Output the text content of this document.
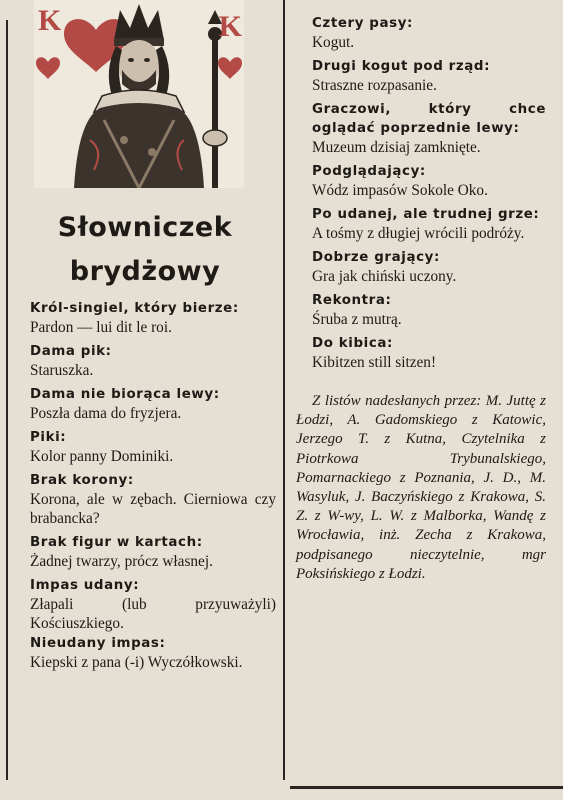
K	K
Słowniczek
brydżowy
Król-singiel, który bierze:
Pardon — lui dit le roi.
Dama pik:
Staruszka.
Dama nie biorąca lewy:
Poszła dama do fryzjera.
Piki:
Kolor panny Dominiki.
Brak korony:
Korona, ale w zębach. Cierniowa czy brabancka?
Brak figur w kartach:
Żadnej twarzy, prócz własnej.
Impas udany:
Złapali (lub przyuważyli) Kościuszkiego.
Nieudany impas:
Kiepski z pana (-i) Wyczółkowski.
Cztery pasy:
Kogut.
Drugi kogut pod rząd:
Straszne rozpasanie.
Graczowi, który chce oglądać poprzednie lewy:
Muzeum dzisiaj zamknięte.
Podglądający:
Wódz impasów Sokole Oko.
Po udanej, ale trudnej grze:
A tośmy z długiej wrócili podróży.
Dobrze grający:
Gra jak chiński uczony.
Rekontra:
Śruba z mutrą.
Do kibica:
Kibitzen still sitzen!
Z listów nadesłanych przez: M. Juttę z Łodzi, A. Gadomskiego z Katowic, Jerzego T. z Kutna, Czytelnika z Piotrkowa Trybunalskiego, Pomarnackiego z Poznania, J. D., M. Wasyluk, J. Baczyńskiego z Krakowa, S. Z. z W-wy, L. W. z Malborka, Wandę z Wrocławia, inż. Zecha z Krakowa, podpisanego nieczytelnie, mgr Poksińskiego z Łodzi.
